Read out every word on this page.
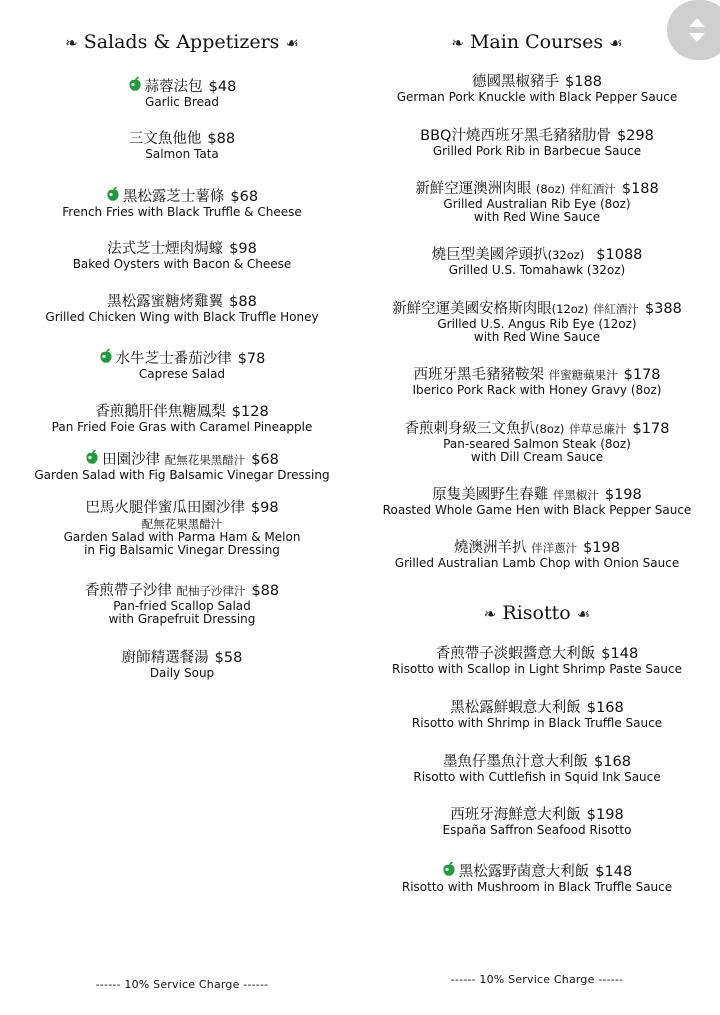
❧ Salads & Appetizers ☙
蒜蓉法包 $48
Garlic Bread
三文魚他他 $88
Salmon Tata
黑松露芝士薯條 $68
French Fries with Black Truffle & Cheese
法式芝士煙肉焗蠔 $98
Baked Oysters with Bacon & Cheese
黑松露蜜糖烤雞翼 $88
Grilled Chicken Wing with Black Truffle Honey
水牛芝士番茄沙律 $78
Caprese Salad
香煎鵝肝伴焦糖鳳梨 $128
Pan Fried Foie Gras with Caramel Pineapple
田園沙律 配無花果黑醋汁 $68
Garden Salad with Fig Balsamic Vinegar Dressing
巴馬火腿伴蜜瓜田園沙律 $98
配無花果黑醋汁
Garden Salad with Parma Ham & Melon
in Fig Balsamic Vinegar Dressing
香煎帶子沙律 配柚子沙律汁 $88
Pan-fried Scallop Salad
with Grapefruit Dressing
廚師精選餐湯 $58
Daily Soup
------ 10% Service Charge ------
❧ Main Courses ☙
德國黑椒豬手 $188
German Pork Knuckle with Black Pepper Sauce
BBQ汁燒西班牙黑毛豬豬肋骨 $298
Grilled Pork Rib in Barbecue Sauce
新鮮空運澳洲肉眼 (8oz) 伴紅酒汁 $188
Grilled Australian Rib Eye (8oz)
with Red Wine Sauce
燒巨型美國斧頭扒(32oz) $1088
Grilled U.S. Tomahawk (32oz)
新鮮空運美國安格斯肉眼(12oz) 伴紅酒汁 $388
Grilled U.S. Angus Rib Eye (12oz)
with Red Wine Sauce
西班牙黑毛豬豬鞍架 伴蜜糖蘋果汁 $178
Iberico Pork Rack with Honey Gravy (8oz)
香煎刺身級三文魚扒(8oz) 伴草忌廉汁 $178
Pan-seared Salmon Steak (8oz)
with Dill Cream Sauce
原隻美國野生春雞 伴黑椒汁 $198
Roasted Whole Game Hen with Black Pepper Sauce
燒澳洲羊扒 伴洋蔥汁 $198
Grilled Australian Lamb Chop with Onion Sauce
❧ Risotto ☙
香煎帶子淡蝦醬意大利飯 $148
Risotto with Scallop in Light Shrimp Paste Sauce
黑松露鮮蝦意大利飯 $168
Risotto with Shrimp in Black Truffle Sauce
墨魚仔墨魚汁意大利飯 $168
Risotto with Cuttlefish in Squid Ink Sauce
西班牙海鮮意大利飯 $198
España Saffron Seafood Risotto
黑松露野菌意大利飯 $148
Risotto with Mushroom in Black Truffle Sauce
------ 10% Service Charge ------
